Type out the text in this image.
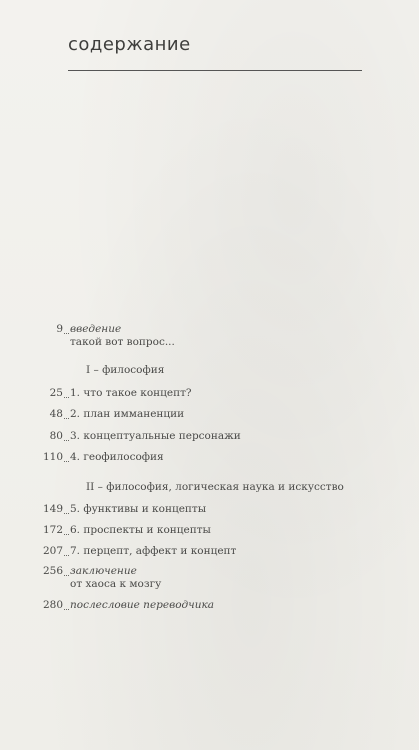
содержание
9 введение
такой вот вопрос...
I – философия
25 1. что такое концепт?
48 2. план имманенции
80 3. концептуальные персонажи
110 4. геофилософия
II – философия, логическая наука и искусство
149 5. функтивы и концепты
172 6. проспекты и концепты
207 7. перцепт, аффект и концепт
256 заключение
от хаоса к мозгу
280 послесловие переводчика
